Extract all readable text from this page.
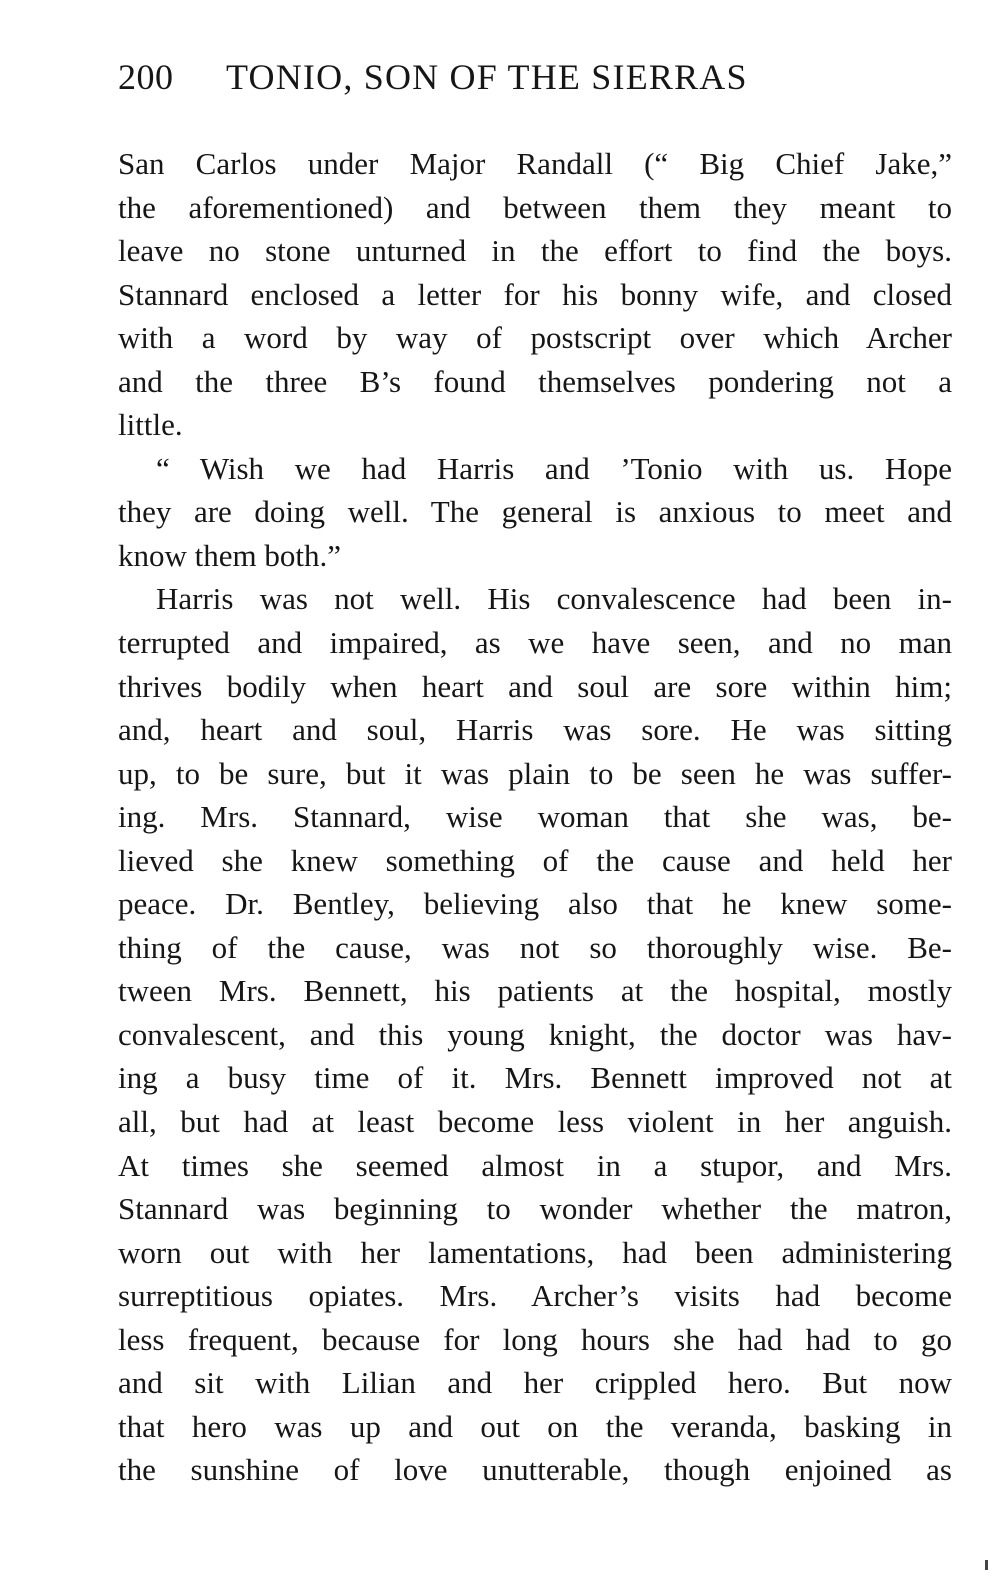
200 TONIO, SON OF THE SIERRAS
San Carlos under Major Randall (“ Big Chief Jake,”
the aforementioned) and between them they meant to
leave no stone unturned in the effort to find the boys.
Stannard enclosed a letter for his bonny wife, and closed
with a word by way of postscript over which Archer
and the three B’s found themselves pondering not a
little.
“ Wish we had Harris and ’Tonio with us. Hope
they are doing well. The general is anxious to meet and
know them both.”
Harris was not well. His convalescence had been in-
terrupted and impaired, as we have seen, and no man
thrives bodily when heart and soul are sore within him;
and, heart and soul, Harris was sore. He was sitting
up, to be sure, but it was plain to be seen he was suffer-
ing. Mrs. Stannard, wise woman that she was, be-
lieved she knew something of the cause and held her
peace. Dr. Bentley, believing also that he knew some-
thing of the cause, was not so thoroughly wise. Be-
tween Mrs. Bennett, his patients at the hospital, mostly
convalescent, and this young knight, the doctor was hav-
ing a busy time of it. Mrs. Bennett improved not at
all, but had at least become less violent in her anguish.
At times she seemed almost in a stupor, and Mrs.
Stannard was beginning to wonder whether the matron,
worn out with her lamentations, had been administering
surreptitious opiates. Mrs. Archer’s visits had become
less frequent, because for long hours she had had to go
and sit with Lilian and her crippled hero. But now
that hero was up and out on the veranda, basking in
the sunshine of love unutterable, though enjoined as
